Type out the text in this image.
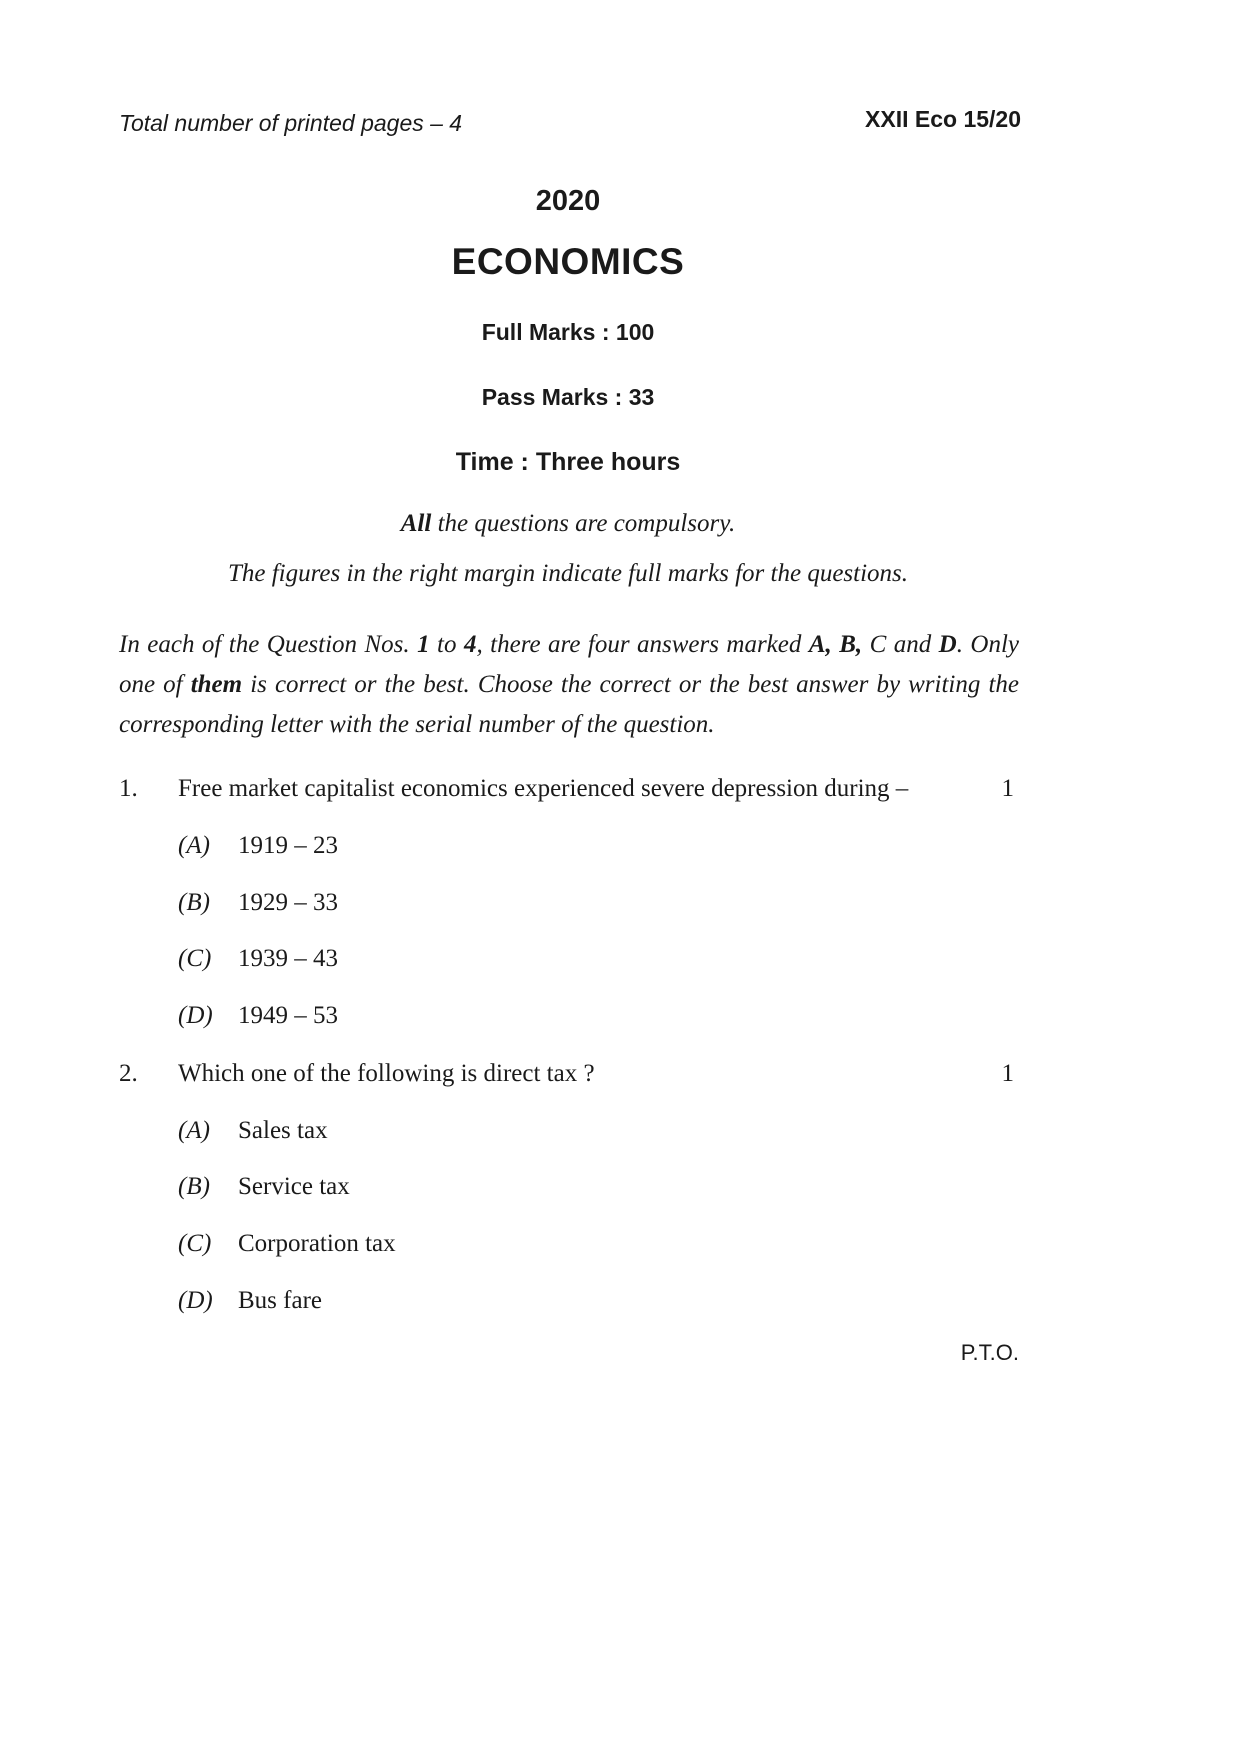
Total number of printed pages – 4	XXII Eco 15/20
2020
ECONOMICS
Full Marks : 100
Pass Marks : 33
Time : Three hours
All the questions are compulsory.
The figures in the right margin indicate full marks for the questions.
In each of the Question Nos. 1 to 4, there are four answers marked A, B, C and D. Only one of them is correct or the best. Choose the correct or the best answer by writing the corresponding letter with the serial number of the question.
1. Free market capitalist economics experienced severe depression during –	1
(A) 1919 – 23
(B) 1929 – 33
(C) 1939 – 43
(D) 1949 – 53
2. Which one of the following is direct tax ?	1
(A) Sales tax
(B) Service tax
(C) Corporation tax
(D) Bus fare
P.T.O.
